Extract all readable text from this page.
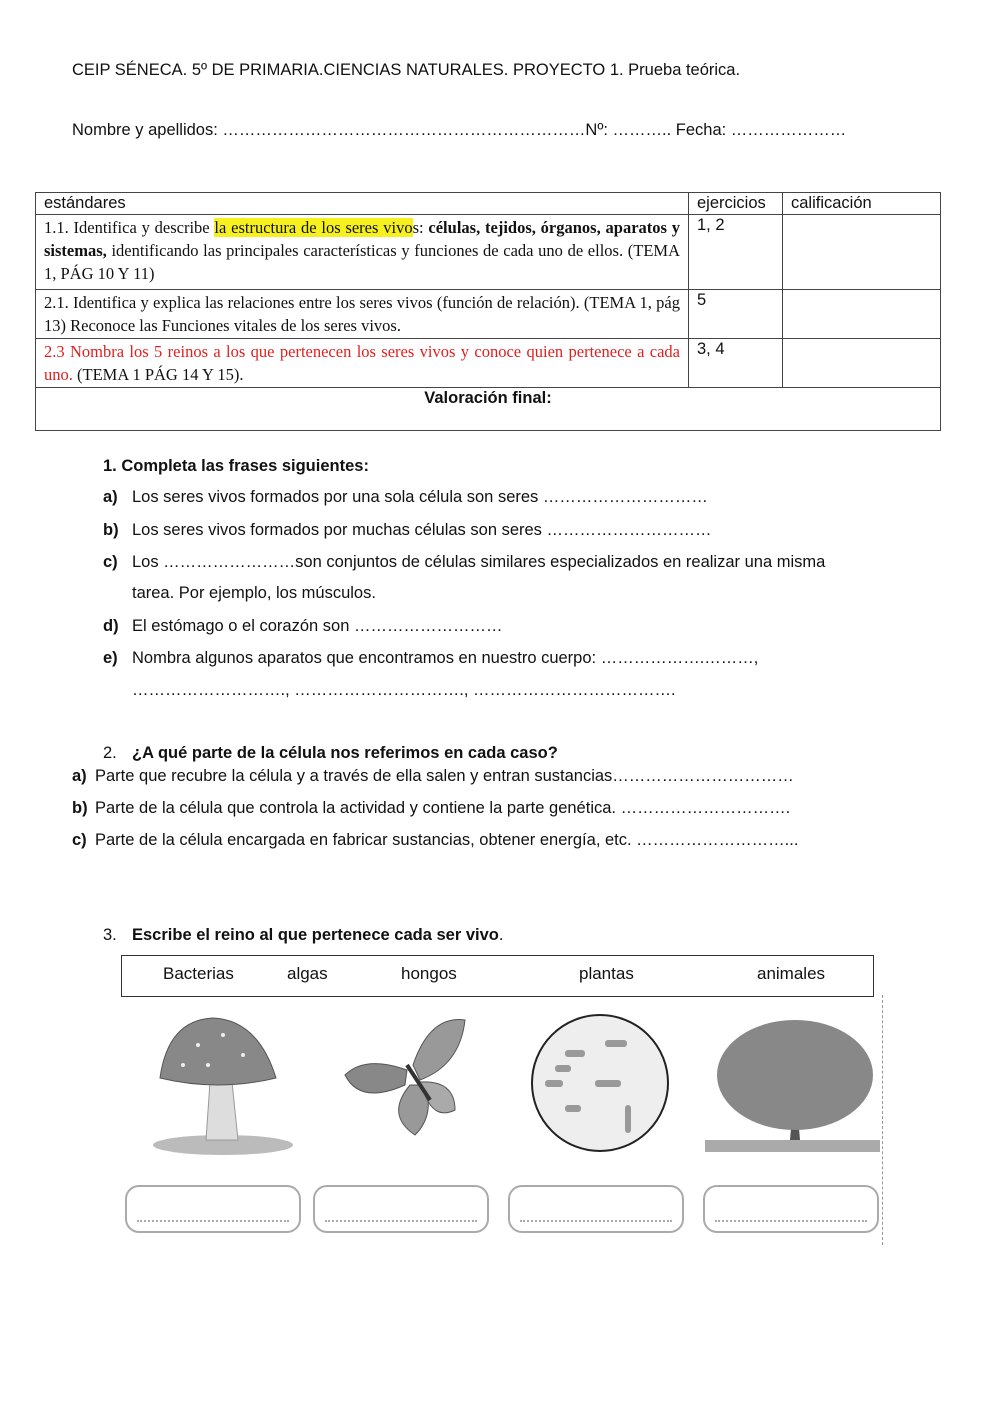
CEIP SÉNECA. 5º DE PRIMARIA.CIENCIAS NATURALES. PROYECTO 1. Prueba teórica.
Nombre y apellidos: …………………………………………………………Nº: ……….. Fecha: …………………
estándares	ejercicios	calificación
1.1. Identifica y describe la estructura de los seres vivos: células, tejidos, órganos, aparatos y sistemas, identificando las principales características y funciones de cada uno de ellos. (TEMA 1, PÁG 10 Y 11)	1, 2	
2.1. Identifica y explica las relaciones entre los seres vivos (función de relación). (TEMA 1, pág 13) Reconoce las Funciones vitales de los seres vivos.	5	
2.3 Nombra los 5 reinos a los que pertenecen los seres vivos y conoce quien pertenece a cada uno. (TEMA 1 PÁG 14 Y 15).	3, 4	
Valoración final:		
1. Completa las frases siguientes:
a) Los seres vivos formados por una sola célula son seres …………………………
b) Los seres vivos formados por muchas células son seres …………………………
c) Los ……………………son conjuntos de células similares especializados en realizar una misma
tarea. Por ejemplo, los músculos.
d) El estómago o el corazón son ………………………
e) Nombra algunos aparatos que encontramos en nuestro cuerpo: ……………….………,
………………………., …………………………., ……………………………….
2. ¿A qué parte de la célula nos referimos en cada caso?
a) Parte que recubre la célula y a través de ella salen y entran sustancias……………………………
b) Parte de la célula que controla la actividad y contiene la parte genética. ………………………….
c) Parte de la célula encargada en fabricar sustancias, obtener energía, etc. ………………………...
3. Escribe el reino al que pertenece cada ser vivo.
Bacterias	algas	hongos	plantas	animales
